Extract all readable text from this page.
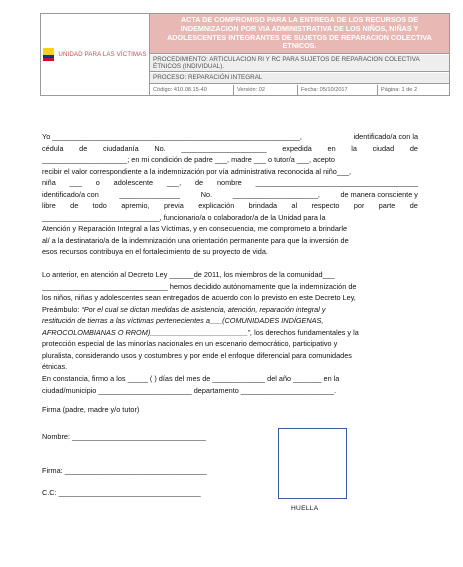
UNIDAD PARA LAS VÍCTIMAS
ACTA DE COMPROMISO PARA LA ENTREGA DE LOS RECURSOS DE INDEMNIZACION POR VIA ADMINISTRATIVA DE LOS NIÑOS, NIÑAS Y ADOLESCENTES INTEGRANTES DE SUJETOS DE REPARACION COLECTIVA ETNICOS.
PROCEDIMIENTO: ARTICULACION RI Y RC PARA SUJETOS DE REPARACION COLECTIVA ÉTNICOS (INDIVIDUAL).
PROCESO: REPARACIÓN INTEGRAL
Código: 410.08.15-40	Versión: 02	Fecha: 05/10/2017	Página: 1 de 2
Yo _____________________________________________________________,	identificado/a con la
cédula de ciudadanía No. _____________________ expedida en la ciudad de
_____________________; en mi condición de padre ___, madre ___ o tutor/a ___, acepto
recibir el valor correspondiente a la indemnización por vía administrativa reconocida al niño___,
niña ___ o adolescente ___, de nombre ________________________________________
identificado/a con	_______________	No.	_____________________,	de manera consciente y
libre de todo apremio, previa explicación brindada al respecto por parte de
_____________________________, funcionario/a o colaborador/a de la Unidad para la
Atención y Reparación Integral a las Víctimas, y en consecuencia, me comprometo a brindarle
al/ a la destinatario/a de la indemnización una orientación permanente para que la inversión de
esos recursos contribuya en el fortalecimiento de su proyecto de vida.
Lo anterior, en atención al Decreto Ley ______de 2011, los miembros de la comunidad___
_______________________________ hemos decidido autónomamente que la indemnización de
los niños, niñas y adolescentes sean entregados de acuerdo con lo previsto en este Decreto Ley,
Preámbulo: “Por el cual se dictan medidas de asistencia, atención, reparación integral y
restitución de tierras a las víctimas pertenecientes a___(COMUNIDADES INDÍGENAS,
AFROCOLOMBIANAS O RROM)________________________”, los derechos fundamentales y la
protección especial de las minorías nacionales en un escenario democrático, participativo y
pluralista, considerando usos y costumbres y por ende el enfoque diferencial para comunidades
étnicas.
En constancia, firmo a los _____ ( ) días del mes de _____________ del año _______ en la
ciudad/municipio _______________________ departamento _______________________.
Firma (padre, madre y/o tutor)
Nombre: _________________________________
Firma: ___________________________________
C.C: ___________________________________
HUELLA
